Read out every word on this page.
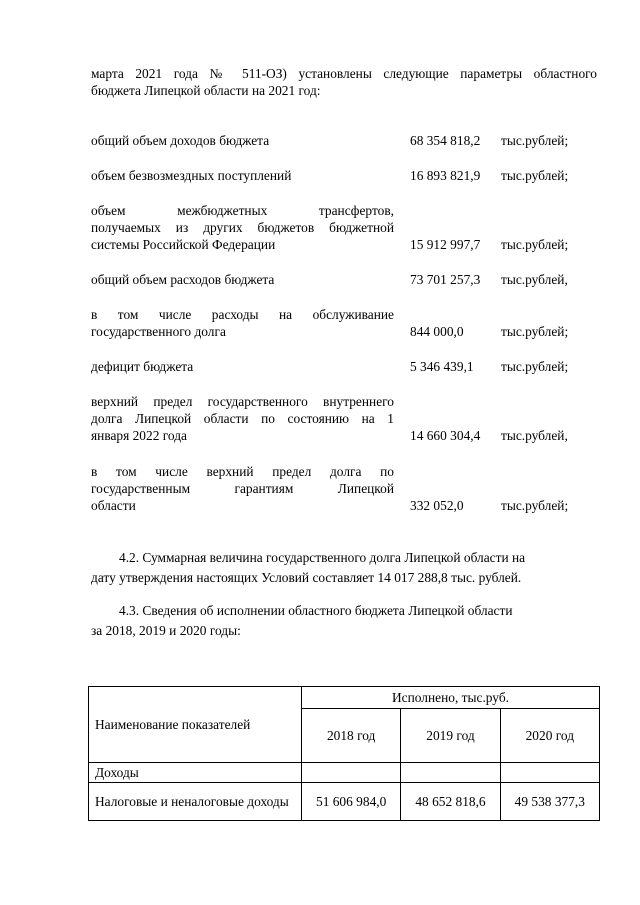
марта 2021 года № 511-ОЗ) установлены следующие параметры областного
бюджета Липецкой области на 2021 год:
общий объем доходов бюджета	68 354 818,2 тыс.рублей;
объем безвозмездных поступлений	16 893 821,9 тыс.рублей;
объем межбюджетных трансфертов,
получаемых из других бюджетов бюджетной
системы Российской Федерации	15 912 997,7 тыс.рублей;
общий объем расходов бюджета	73 701 257,3 тыс.рублей,
в том числе расходы на обслуживание
государственного долга	844 000,0	тыс.рублей;
дефицит бюджета	5 346 439,1 тыс.рублей;
верхний предел государственного внутреннего
долга Липецкой области по состоянию на 1
января 2022 года	14 660 304,4 тыс.рублей,
в том числе верхний предел долга по
государственным гарантиям Липецкой
области	332 052,0	тыс.рублей;
4.2. Суммарная величина государственного долга Липецкой области на
дату утверждения настоящих Условий составляет 14 017 288,8 тыс. рублей.
4.3. Сведения об исполнении областного бюджета Липецкой области
за 2018, 2019 и 2020 годы:
Наименование показателей	Исполнено, тыс.руб.		
	2018 год	2019 год	2020 год
Доходы			
Налоговые и неналоговые доходы	51 606 984,0	48 652 818,6	49 538 377,3
